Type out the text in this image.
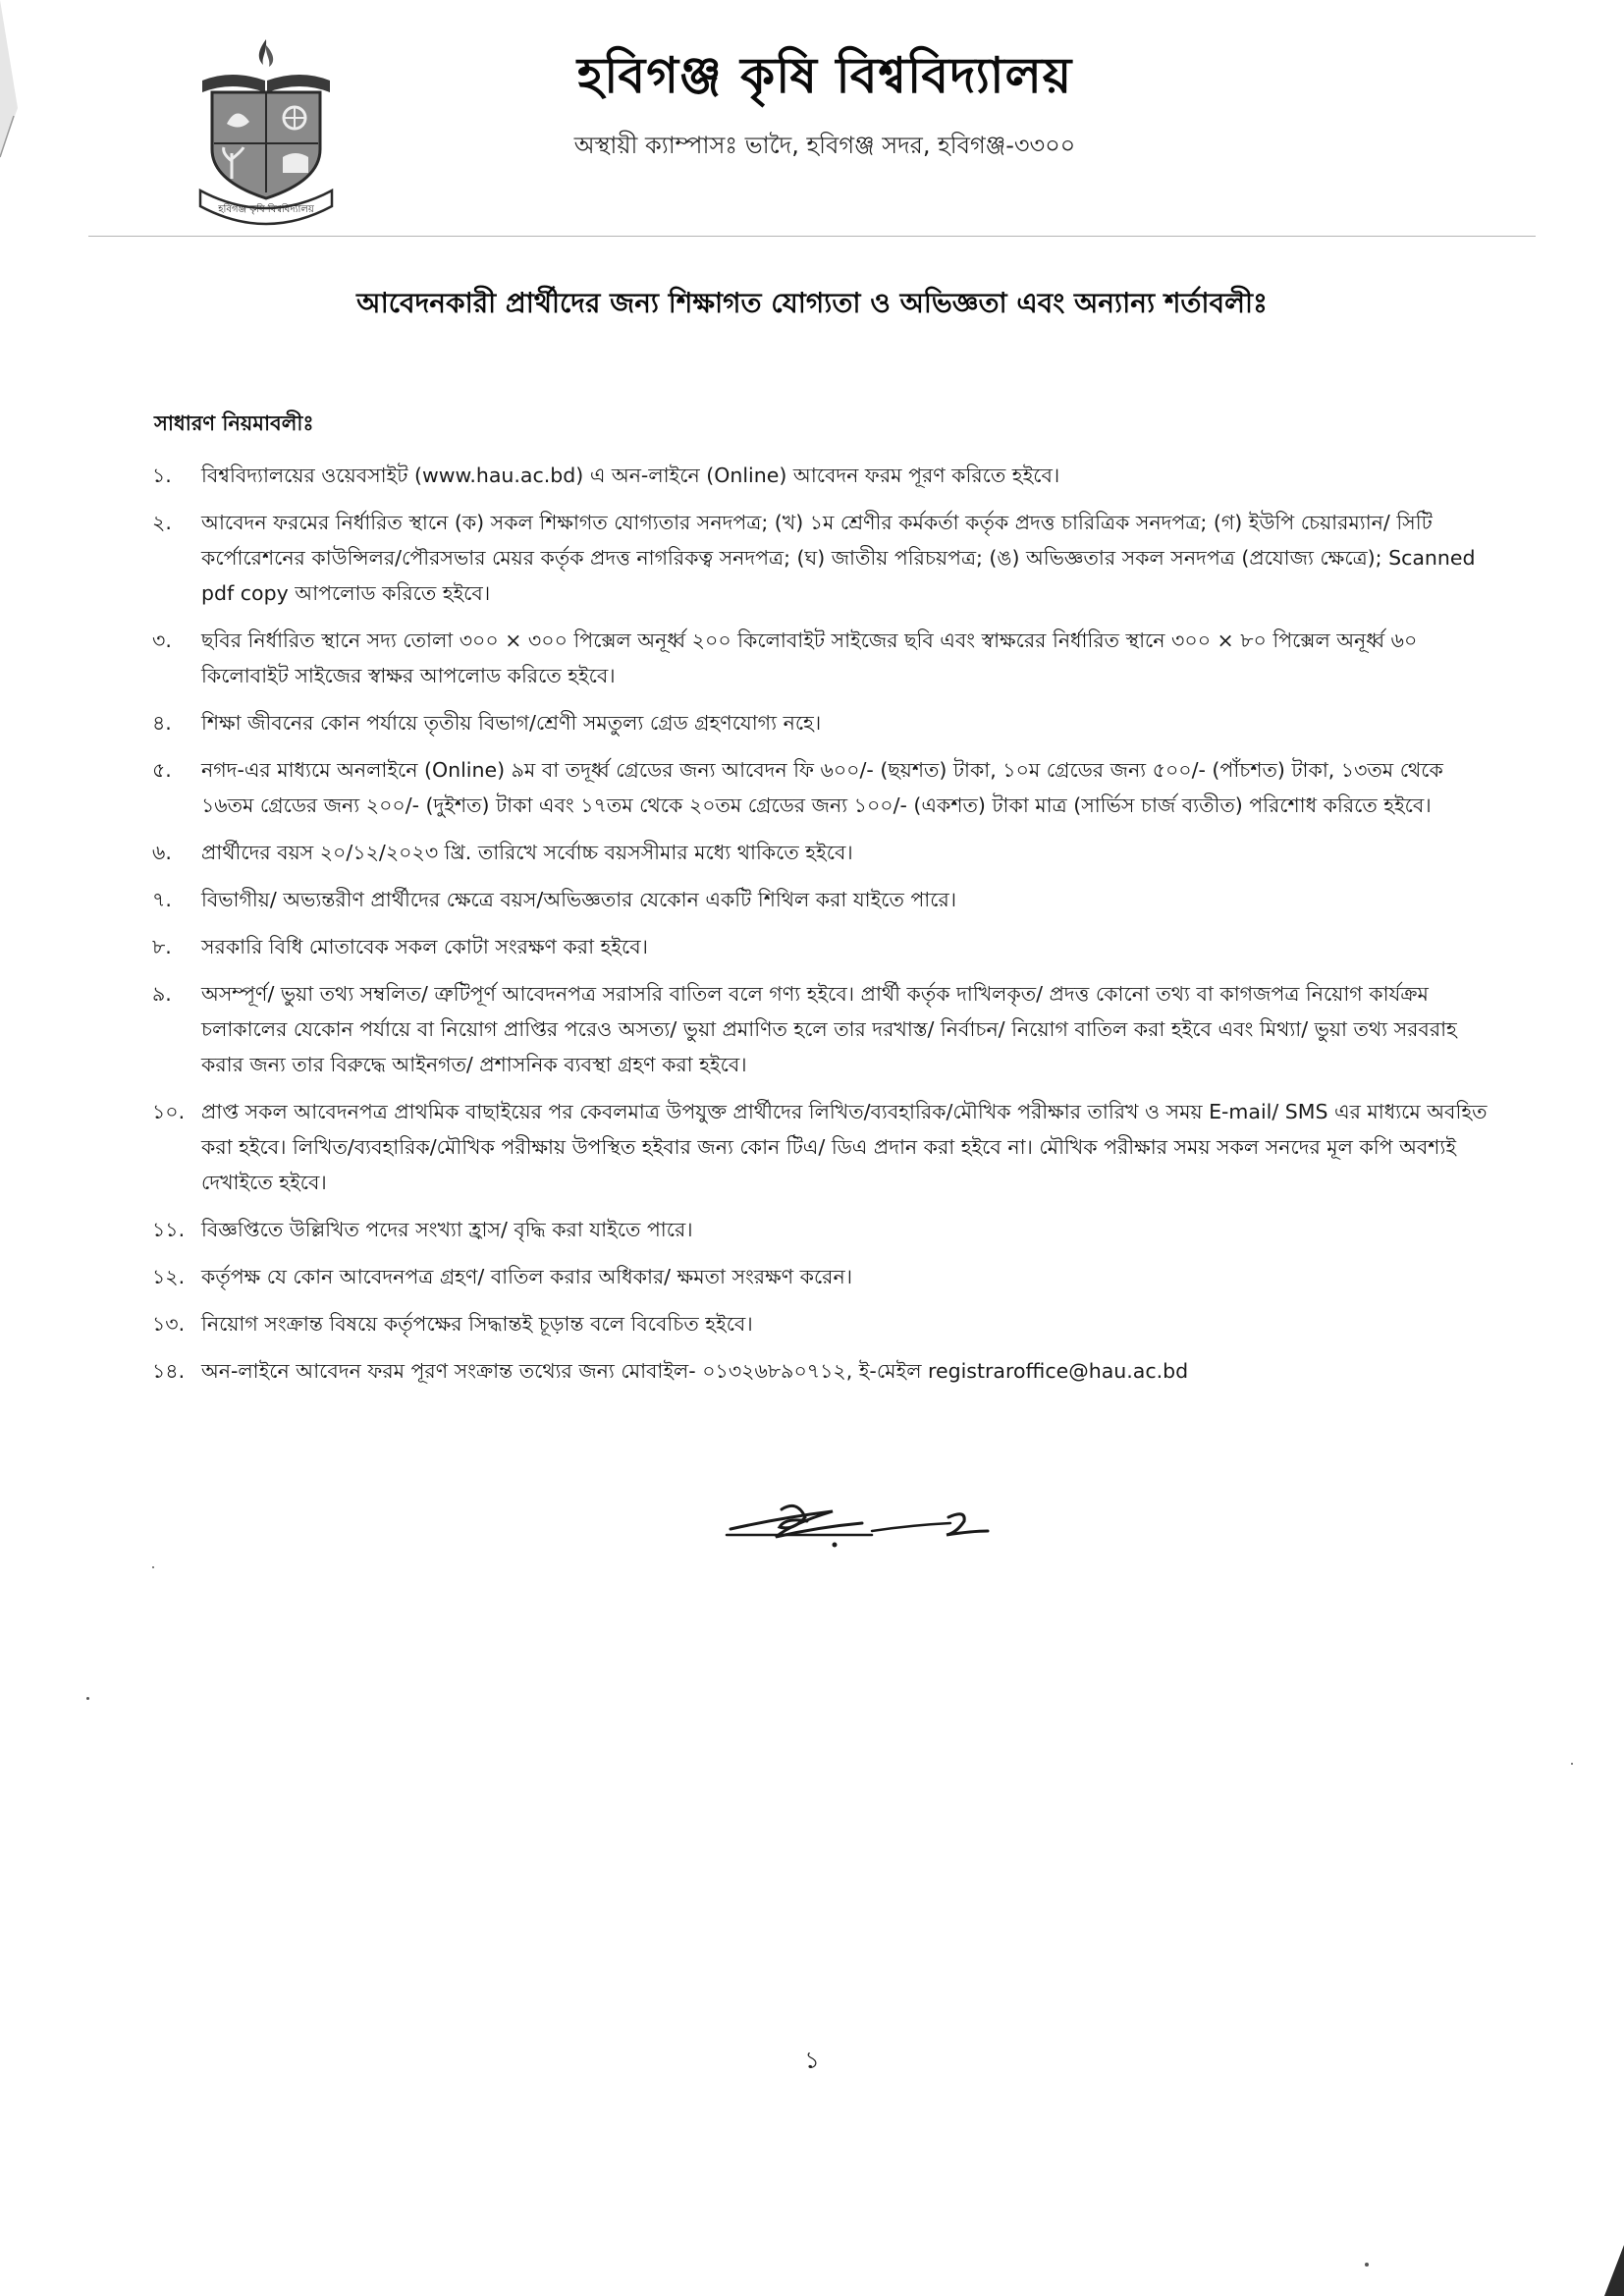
হবিগঞ্জ কৃষি বিশ্ববিদ্যালয়
হবিগঞ্জ কৃষি বিশ্ববিদ্যালয়
অস্থায়ী ক্যাম্পাসঃ ভাদৈ, হবিগঞ্জ সদর, হবিগঞ্জ-৩৩০০
আবেদনকারী প্রার্থীদের জন্য শিক্ষাগত যোগ্যতা ও অভিজ্ঞতা এবং অন্যান্য শর্তাবলীঃ
সাধারণ নিয়মাবলীঃ
১.	বিশ্ববিদ্যালয়ের ওয়েবসাইট (www.hau.ac.bd) এ অন-লাইনে (Online) আবেদন ফরম পূরণ করিতে হইবে।
২.	আবেদন ফরমের নির্ধারিত স্থানে (ক) সকল শিক্ষাগত যোগ্যতার সনদপত্র; (খ) ১ম শ্রেণীর কর্মকর্তা কর্তৃক প্রদত্ত চারিত্রিক সনদপত্র; (গ) ইউপি চেয়ারম্যান/ সিটি কর্পোরেশনের কাউন্সিলর/পৌরসভার মেয়র কর্তৃক প্রদত্ত নাগরিকত্ব সনদপত্র; (ঘ) জাতীয় পরিচয়পত্র; (ঙ) অভিজ্ঞতার সকল সনদপত্র (প্রযোজ্য ক্ষেত্রে); Scanned pdf copy আপলোড করিতে হইবে।
৩.	ছবির নির্ধারিত স্থানে সদ্য তোলা ৩০০ × ৩০০ পিক্সেল অনূর্ধ্ব ২০০ কিলোবাইট সাইজের ছবি এবং স্বাক্ষরের নির্ধারিত স্থানে ৩০০ × ৮০ পিক্সেল অনূর্ধ্ব ৬০ কিলোবাইট সাইজের স্বাক্ষর আপলোড করিতে হইবে।
৪.	শিক্ষা জীবনের কোন পর্যায়ে তৃতীয় বিভাগ/শ্রেণী সমতুল্য গ্রেড গ্রহণযোগ্য নহে।
৫.	নগদ-এর মাধ্যমে অনলাইনে (Online) ৯ম বা তদূর্ধ্ব গ্রেডের জন্য আবেদন ফি ৬০০/- (ছয়শত) টাকা, ১০ম গ্রেডের জন্য ৫০০/- (পাঁচশত) টাকা, ১৩তম থেকে ১৬তম গ্রেডের জন্য ২০০/- (দুইশত) টাকা এবং ১৭তম থেকে ২০তম গ্রেডের জন্য ১০০/- (একশত) টাকা মাত্র (সার্ভিস চার্জ ব্যতীত) পরিশোধ করিতে হইবে।
৬.	প্রার্থীদের বয়স ২০/১২/২০২৩ খ্রি. তারিখে সর্বোচ্চ বয়সসীমার মধ্যে থাকিতে হইবে।
৭.	বিভাগীয়/ অভ্যন্তরীণ প্রার্থীদের ক্ষেত্রে বয়স/অভিজ্ঞতার যেকোন একটি শিথিল করা যাইতে পারে।
৮.	সরকারি বিধি মোতাবেক সকল কোটা সংরক্ষণ করা হইবে।
৯.	অসম্পূর্ণ/ ভুয়া তথ্য সম্বলিত/ ত্রুটিপূর্ণ আবেদনপত্র সরাসরি বাতিল বলে গণ্য হইবে। প্রার্থী কর্তৃক দাখিলকৃত/ প্রদত্ত কোনো তথ্য বা কাগজপত্র নিয়োগ কার্যক্রম চলাকালের যেকোন পর্যায়ে বা নিয়োগ প্রাপ্তির পরেও অসত্য/ ভুয়া প্রমাণিত হলে তার দরখাস্ত/ নির্বাচন/ নিয়োগ বাতিল করা হইবে এবং মিথ্যা/ ভুয়া তথ্য সরবরাহ করার জন্য তার বিরুদ্ধে আইনগত/ প্রশাসনিক ব্যবস্থা গ্রহণ করা হইবে।
১০. প্রাপ্ত সকল আবেদনপত্র প্রাথমিক বাছাইয়ের পর কেবলমাত্র উপযুক্ত প্রার্থীদের লিখিত/ব্যবহারিক/মৌখিক পরীক্ষার তারিখ ও সময় E-mail/ SMS এর মাধ্যমে অবহিত করা হইবে। লিখিত/ব্যবহারিক/মৌখিক পরীক্ষায় উপস্থিত হইবার জন্য কোন টিএ/ ডিএ প্রদান করা হইবে না। মৌখিক পরীক্ষার সময় সকল সনদের মূল কপি অবশ্যই দেখাইতে হইবে।
১১. বিজ্ঞপ্তিতে উল্লিখিত পদের সংখ্যা হ্রাস/ বৃদ্ধি করা যাইতে পারে।
১২. কর্তৃপক্ষ যে কোন আবেদনপত্র গ্রহণ/ বাতিল করার অধিকার/ ক্ষমতা সংরক্ষণ করেন।
১৩. নিয়োগ সংক্রান্ত বিষয়ে কর্তৃপক্ষের সিদ্ধান্তই চূড়ান্ত বলে বিবেচিত হইবে।
১৪. অন-লাইনে আবেদন ফরম পূরণ সংক্রান্ত তথ্যের জন্য মোবাইল- ০১৩২৬৮৯০৭১২, ই-মেইল registraroffice@hau.ac.bd
১
